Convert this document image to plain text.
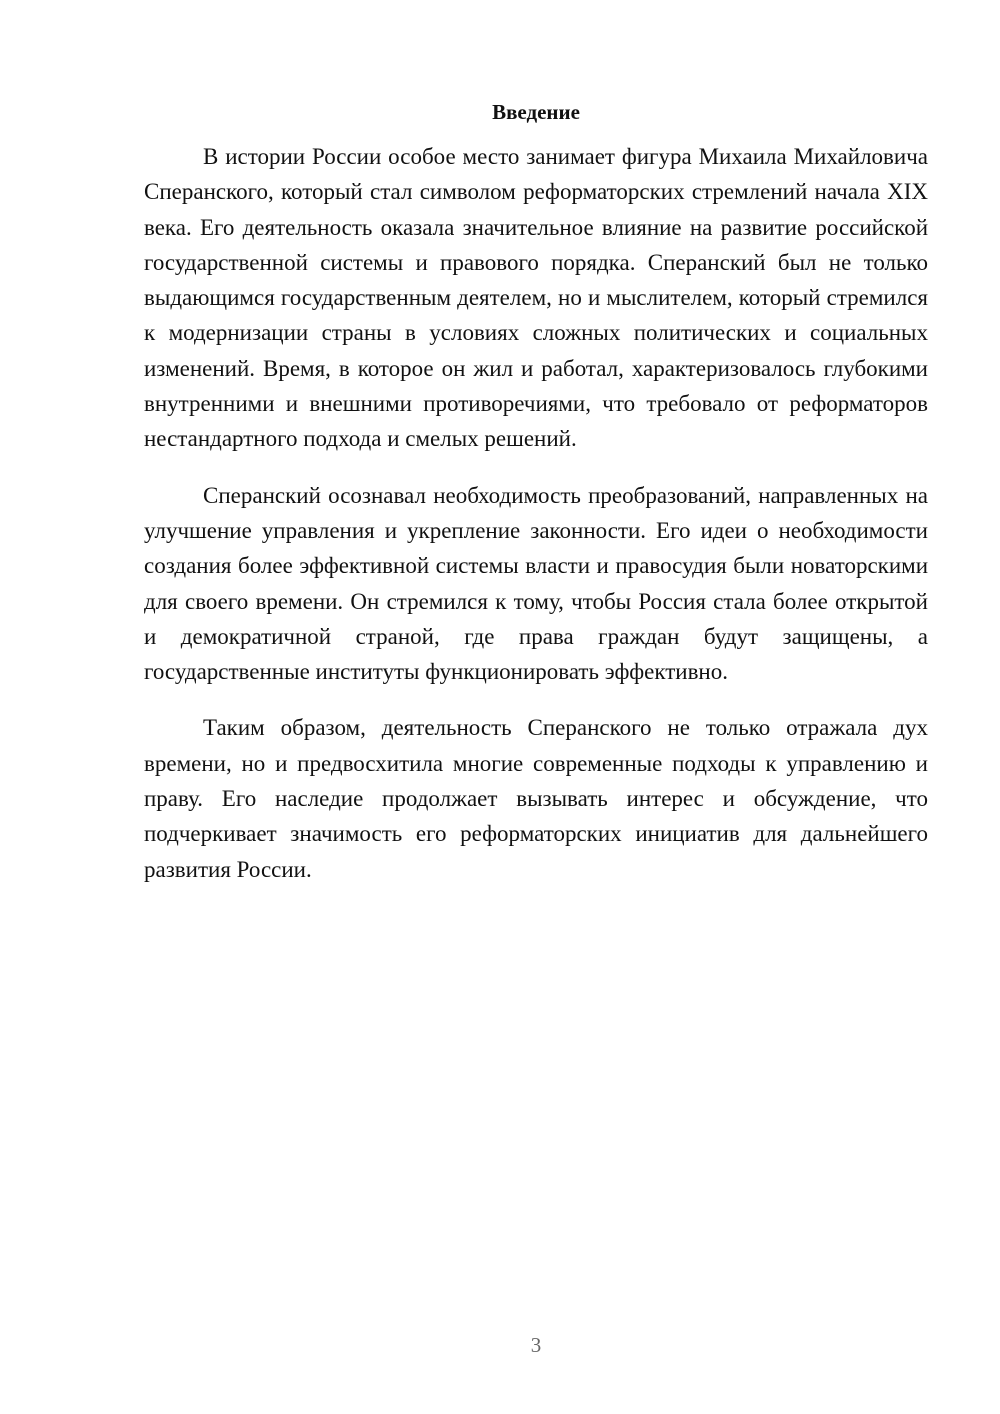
Введение

В истории России особое место занимает фигура Михаила Михайловича Сперанского, который стал символом реформаторских стремлений начала XIX века. Его деятельность оказала значительное влияние на развитие российской государственной системы и правового порядка. Сперанский был не только выдающимся государственным деятелем, но и мыслителем, который стремился к модернизации страны в условиях сложных политических и социальных изменений. Время, в которое он жил и работал, характеризовалось глубокими внутренними и внешними противоречиями, что требовало от реформаторов нестандартного подхода и смелых решений.

Сперанский осознавал необходимость преобразований, направленных на улучшение управления и укрепление законности. Его идеи о необходимости создания более эффективной системы власти и правосудия были новаторскими для своего времени. Он стремился к тому, чтобы Россия стала более открытой и демократичной страной, где права граждан будут защищены, а государственные институты функционировать эффективно.

Таким образом, деятельность Сперанского не только отражала дух времени, но и предвосхитила многие современные подходы к управлению и праву. Его наследие продолжает вызывать интерес и обсуждение, что подчеркивает значимость его реформаторских инициатив для дальнейшего развития России.

3
